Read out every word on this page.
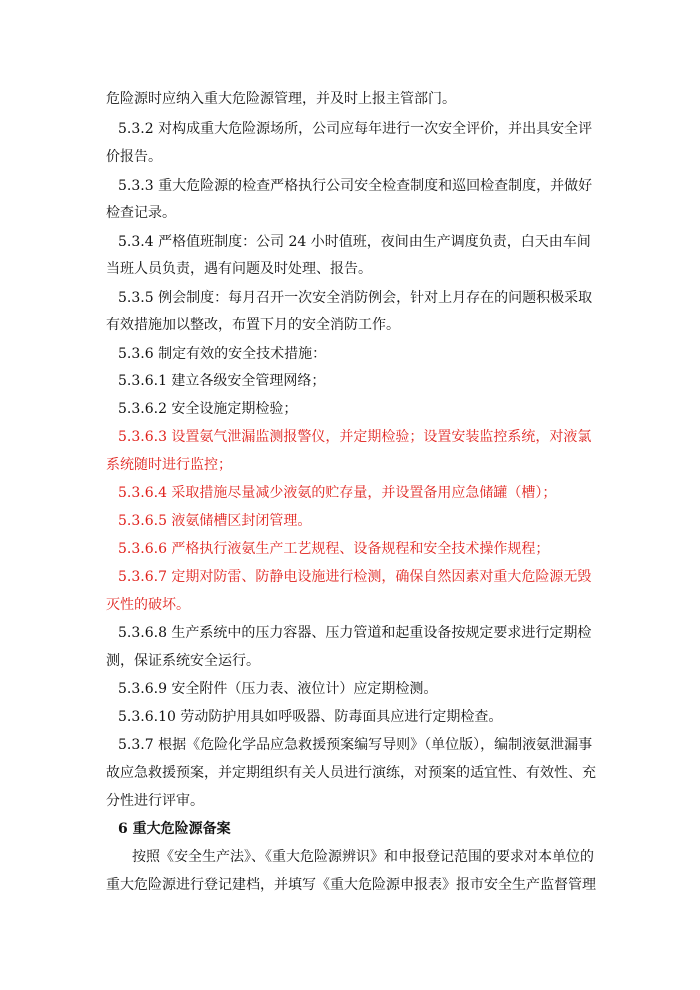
危险源时应纳入重大危险源管理，并及时上报主管部门。
5.3.2 对构成重大危险源场所，公司应每年进行一次安全评价，并出具安全评
价报告。
5.3.3 重大危险源的检查严格执行公司安全检查制度和巡回检查制度，并做好
检查记录。
5.3.4 严格值班制度：公司 24 小时值班，夜间由生产调度负责，白天由车间
当班人员负责，遇有问题及时处理、报告。
5.3.5 例会制度：每月召开一次安全消防例会，针对上月存在的问题积极采取
有效措施加以整改，布置下月的安全消防工作。
5.3.6 制定有效的安全技术措施：
5.3.6.1 建立各级安全管理网络；
5.3.6.2 安全设施定期检验；
5.3.6.3 设置氨气泄漏监测报警仪，并定期检验；设置安装监控系统，对液氯
系统随时进行监控；
5.3.6.4 采取措施尽量减少液氨的贮存量，并设置备用应急储罐（槽）；
5.3.6.5 液氨储槽区封闭管理。
5.3.6.6 严格执行液氨生产工艺规程、设备规程和安全技术操作规程；
5.3.6.7 定期对防雷、防静电设施进行检测，确保自然因素对重大危险源无毁
灭性的破坏。
5.3.6.8 生产系统中的压力容器、压力管道和起重设备按规定要求进行定期检
测，保证系统安全运行。
5.3.6.9 安全附件（压力表、液位计）应定期检测。
5.3.6.10 劳动防护用具如呼吸器、防毒面具应进行定期检查。
5.3.7 根据《危险化学品应急救援预案编写导则》（单位版），编制液氨泄漏事
故应急救援预案，并定期组织有关人员进行演练，对预案的适宜性、有效性、充
分性进行评审。
6 重大危险源备案
按照《安全生产法》、《重大危险源辨识》和申报登记范围的要求对本单位的
重大危险源进行登记建档，并填写《重大危险源申报表》报市安全生产监督管理
